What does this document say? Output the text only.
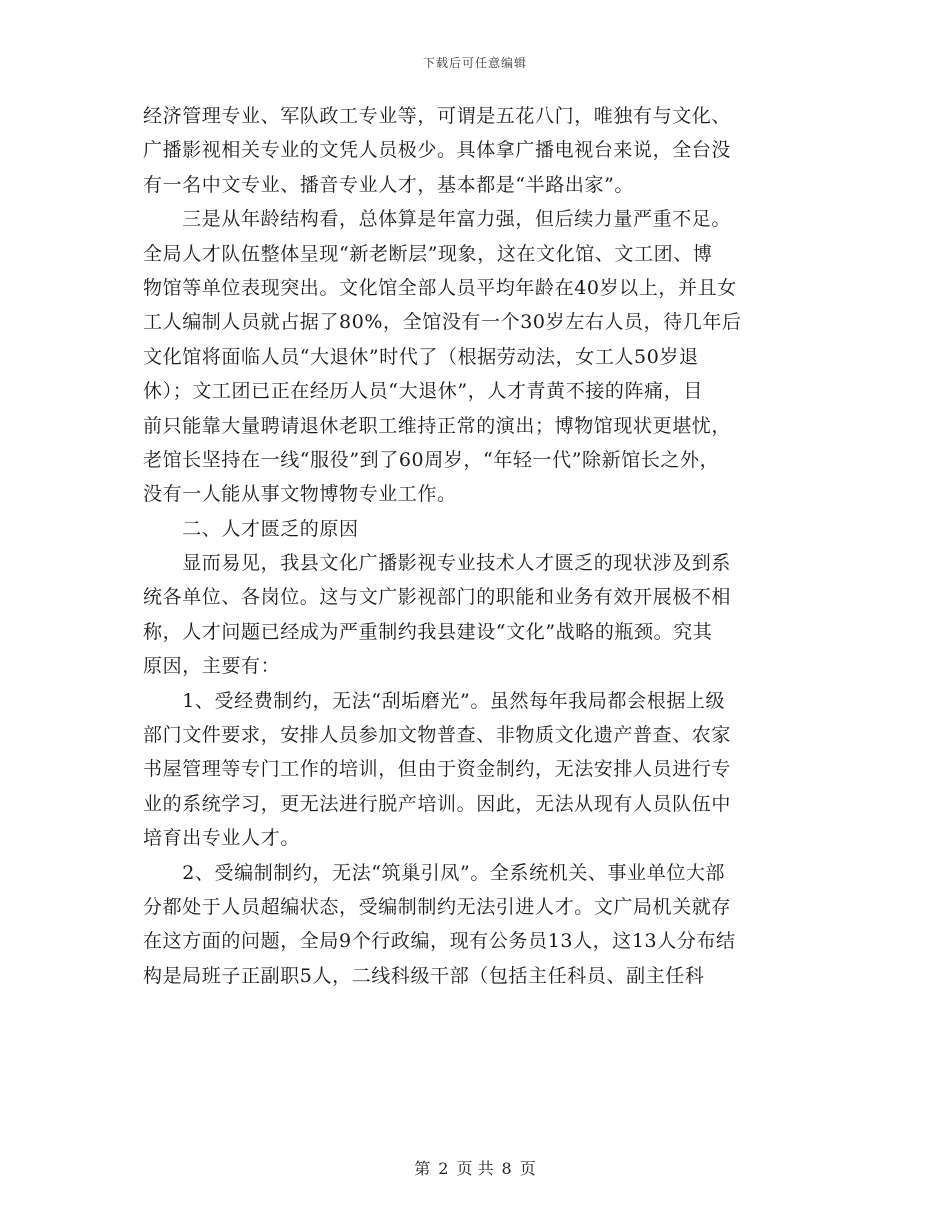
下载后可任意编辑
经济管理专业、军队政工专业等，可谓是五花八门，唯独有与文化、
广播影视相关专业的文凭人员极少。具体拿广播电视台来说，全台没
有一名中文专业、播音专业人才，基本都是“半路出家”。
　　三是从年龄结构看，总体算是年富力强，但后续力量严重不足。
全局人才队伍整体呈现“新老断层”现象，这在文化馆、文工团、博
物馆等单位表现突出。文化馆全部人员平均年龄在40岁以上，并且女
工人编制人员就占据了80%，全馆没有一个30岁左右人员，待几年后
文化馆将面临人员“大退休”时代了（根据劳动法，女工人50岁退
休）；文工团已正在经历人员“大退休”，人才青黄不接的阵痛，目
前只能靠大量聘请退休老职工维持正常的演出；博物馆现状更堪忧，
老馆长坚持在一线“服役”到了60周岁，“年轻一代”除新馆长之外，
没有一人能从事文物博物专业工作。
　　二、人才匮乏的原因
　　显而易见，我县文化广播影视专业技术人才匮乏的现状涉及到系
统各单位、各岗位。这与文广影视部门的职能和业务有效开展极不相
称，人才问题已经成为严重制约我县建设“文化”战略的瓶颈。究其
原因，主要有：
　　1、受经费制约，无法“刮垢磨光”。虽然每年我局都会根据上级
部门文件要求，安排人员参加文物普查、非物质文化遗产普查、农家
书屋管理等专门工作的培训，但由于资金制约，无法安排人员进行专
业的系统学习，更无法进行脱产培训。因此，无法从现有人员队伍中
培育出专业人才。
　　2、受编制制约，无法“筑巢引凤”。全系统机关、事业单位大部
分都处于人员超编状态，受编制制约无法引进人才。文广局机关就存
在这方面的问题，全局9个行政编，现有公务员13人，这13人分布结
构是局班子正副职5人，二线科级干部（包括主任科员、副主任科
第 2 页 共 8 页
